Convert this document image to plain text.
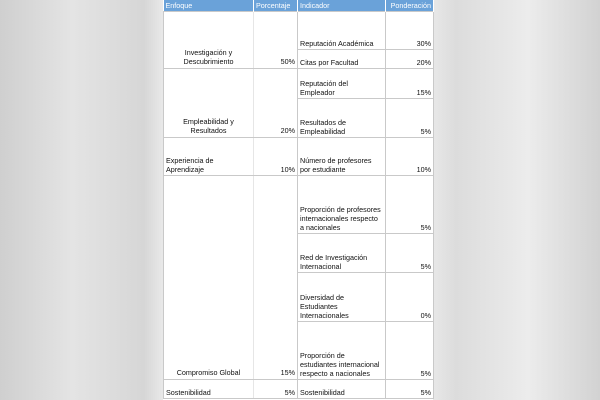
Enfoque	Porcentaje	Indicador	Ponderación
Investigación y Descubrimiento	50%	Reputación Académica	30%
		Citas por Facultad	20%
Empleabilidad y Resultados	20%	Reputación del Empleador	15%
		Resultados de Empleabilidad	5%
Experiencia de Aprendizaje	10%	Número de profesores por estudiante	10%
Compromiso Global	15%	Proporción de profesores internacionales respecto a nacionales	5%
		Red de Investigación Internacional	5%
		Diversidad de Estudiantes Internacionales	0%
		Proporción de estudiantes internacional respecto a nacionales	5%
Sostenibilidad	5%	Sostenibilidad	5%
